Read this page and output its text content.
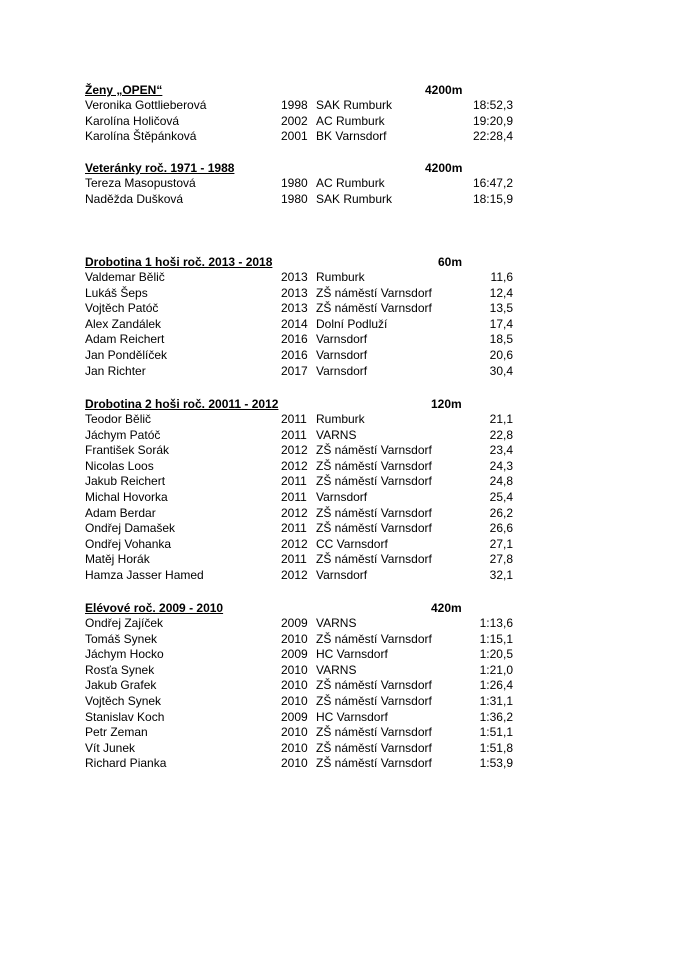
Ženy „OPEN“	4200m
Veronika Gottlieberová	1998 SAK Rumburk	18:52,3
Karolína Holičová	2002 AC Rumburk	19:20,9
Karolína Štěpánková	2001 BK Varnsdorf	22:28,4
Veteránky roč. 1971 - 1988	4200m
Tereza Masopustová	1980 AC Rumburk	16:47,2
Naděžda Dušková	1980 SAK Rumburk	18:15,9
Drobotina 1 hoši roč. 2013 - 2018	60m
Valdemar Bělič	2013 Rumburk	11,6
Lukáš Šeps	2013 ZŠ náměstí Varnsdorf	12,4
Vojtěch Patóč	2013 ZŠ náměstí Varnsdorf	13,5
Alex Zandálek	2014 Dolní Podluží	17,4
Adam Reichert	2016 Varnsdorf	18,5
Jan Pondělíček	2016 Varnsdorf	20,6
Jan Richter	2017 Varnsdorf	30,4
Drobotina 2 hoši roč. 20011 - 2012	120m
Teodor Bělič	2011 Rumburk	21,1
Jáchym Patóč	2011 VARNS	22,8
František Sorák	2012 ZŠ náměstí Varnsdorf	23,4
Nicolas Loos	2012 ZŠ náměstí Varnsdorf	24,3
Jakub Reichert	2011 ZŠ náměstí Varnsdorf	24,8
Michal Hovorka	2011 Varnsdorf	25,4
Adam Berdar	2012 ZŠ náměstí Varnsdorf	26,2
Ondřej Damašek	2011 ZŠ náměstí Varnsdorf	26,6
Ondřej Vohanka	2012 CC Varnsdorf	27,1
Matěj Horák	2011 ZŠ náměstí Varnsdorf	27,8
Hamza Jasser Hamed	2012 Varnsdorf	32,1
Elévové roč. 2009 - 2010	420m
Ondřej Zajíček	2009 VARNS	1:13,6
Tomáš Synek	2010 ZŠ náměstí Varnsdorf	1:15,1
Jáchym Hocko	2009 HC Varnsdorf	1:20,5
Rosťa Synek	2010 VARNS	1:21,0
Jakub Grafek	2010 ZŠ náměstí Varnsdorf	1:26,4
Vojtěch Synek	2010 ZŠ náměstí Varnsdorf	1:31,1
Stanislav Koch	2009 HC Varnsdorf	1:36,2
Petr Zeman	2010 ZŠ náměstí Varnsdorf	1:51,1
Vít Junek	2010 ZŠ náměstí Varnsdorf	1:51,8
Richard Pianka	2010 ZŠ náměstí Varnsdorf	1:53,9
